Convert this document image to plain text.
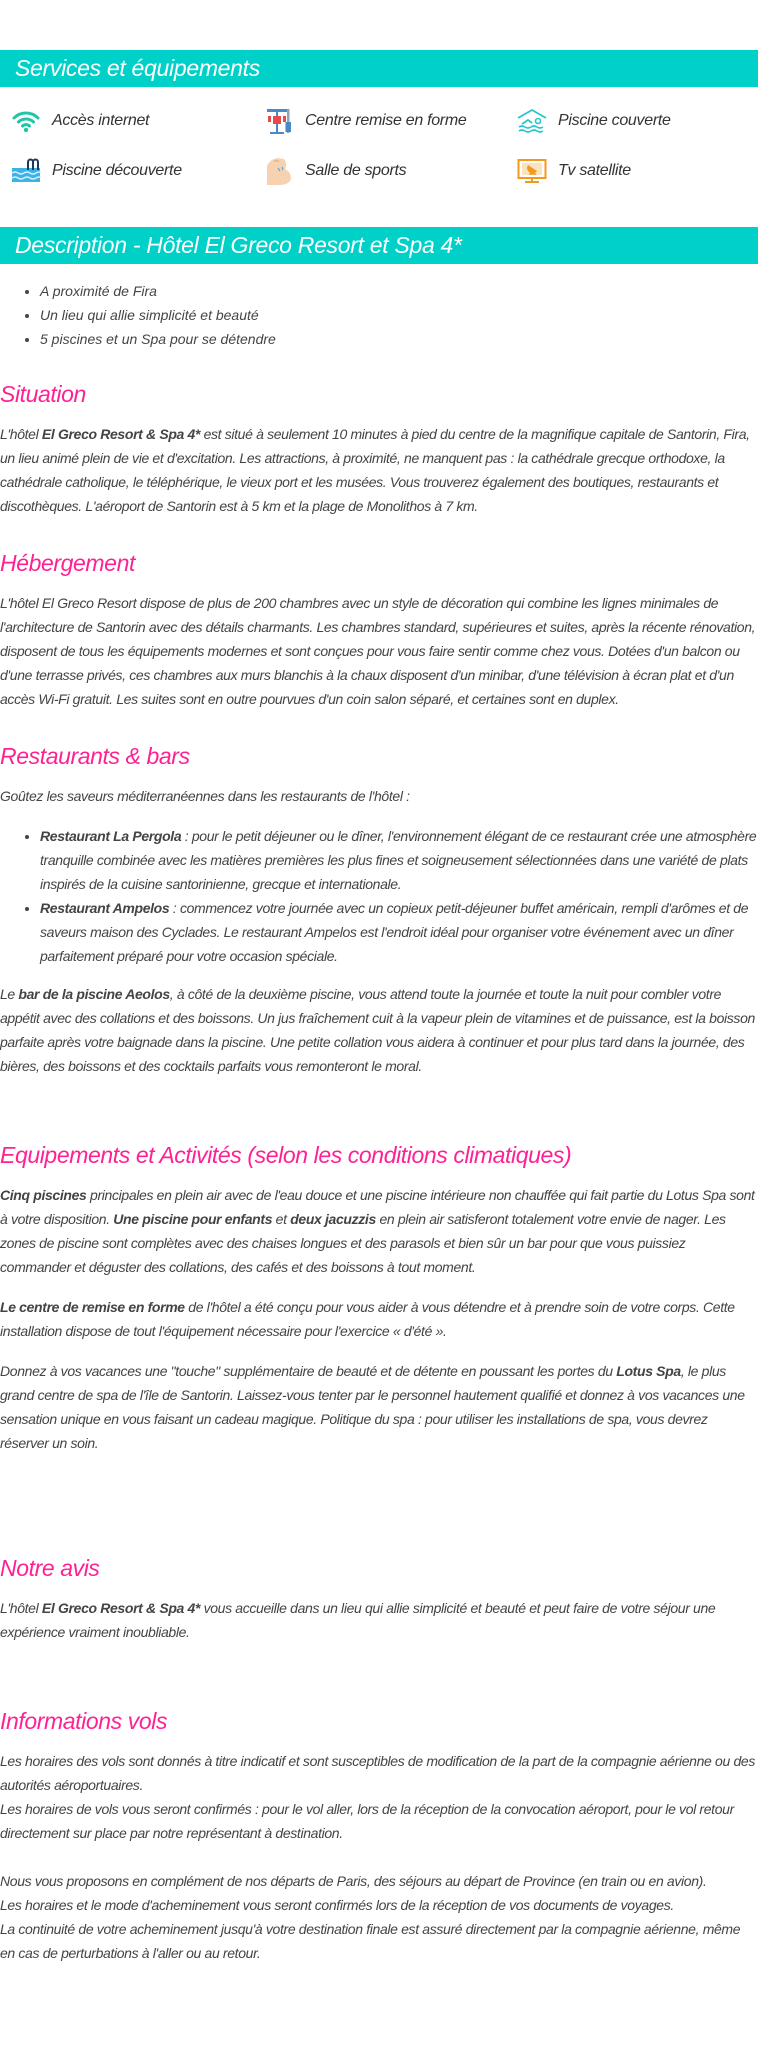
Services et équipements
Accès internet	Centre remise en forme	Piscine couverte
Piscine découverte	Salle de sports	Tv satellite
Description - Hôtel El Greco Resort et Spa 4*
• A proximité de Fira
• Un lieu qui allie simplicité et beauté
• 5 piscines et un Spa pour se détendre
Situation

L'hôtel El Greco Resort & Spa 4* est situé à seulement 10 minutes à pied du centre de la magnifique capitale de Santorin, Fira, un lieu animé plein de vie et d'excitation. Les attractions, à proximité, ne manquent pas : la cathédrale grecque orthodoxe, la cathédrale catholique, le téléphérique, le vieux port et les musées. Vous trouverez également des boutiques, restaurants et discothèques. L'aéroport de Santorin est à 5 km et la plage de Monolithos à 7 km.

Hébergement

L'hôtel El Greco Resort dispose de plus de 200 chambres avec un style de décoration qui combine les lignes minimales de l'architecture de Santorin avec des détails charmants. Les chambres standard, supérieures et suites, après la récente rénovation, disposent de tous les équipements modernes et sont conçues pour vous faire sentir comme chez vous. Dotées d'un balcon ou d'une terrasse privés, ces chambres aux murs blanchis à la chaux disposent d'un minibar, d'une télévision à écran plat et d'un accès Wi-Fi gratuit. Les suites sont en outre pourvues d'un coin salon séparé, et certaines sont en duplex.

Restaurants & bars

Goûtez les saveurs méditerranéennes dans les restaurants de l'hôtel :

• Restaurant La Pergola : pour le petit déjeuner ou le dîner, l'environnement élégant de ce restaurant crée une atmosphère tranquille combinée avec les matières premières les plus fines et soigneusement sélectionnées dans une variété de plats inspirés de la cuisine santorinienne, grecque et internationale.
• Restaurant Ampelos : commencez votre journée avec un copieux petit-déjeuner buffet américain, rempli d'arômes et de saveurs maison des Cyclades. Le restaurant Ampelos est l'endroit idéal pour organiser votre événement avec un dîner parfaitement préparé pour votre occasion spéciale.

Le bar de la piscine Aeolos, à côté de la deuxième piscine, vous attend toute la journée et toute la nuit pour combler votre appétit avec des collations et des boissons. Un jus fraîchement cuit à la vapeur plein de vitamines et de puissance, est la boisson parfaite après votre baignade dans la piscine. Une petite collation vous aidera à continuer et pour plus tard dans la journée, des bières, des boissons et des cocktails parfaits vous remonteront le moral.

Equipements et Activités (selon les conditions climatiques)

Cinq piscines principales en plein air avec de l'eau douce et une piscine intérieure non chauffée qui fait partie du Lotus Spa sont à votre disposition. Une piscine pour enfants et deux jacuzzis en plein air satisferont totalement votre envie de nager. Les zones de piscine sont complètes avec des chaises longues et des parasols et bien sûr un bar pour que vous puissiez commander et déguster des collations, des cafés et des boissons à tout moment.

Le centre de remise en forme de l'hôtel a été conçu pour vous aider à vous détendre et à prendre soin de votre corps. Cette installation dispose de tout l'équipement nécessaire pour l'exercice « d'été ».

Donnez à vos vacances une "touche" supplémentaire de beauté et de détente en poussant les portes du Lotus Spa, le plus grand centre de spa de l'île de Santorin. Laissez-vous tenter par le personnel hautement qualifié et donnez à vos vacances une sensation unique en vous faisant un cadeau magique. Politique du spa : pour utiliser les installations de spa, vous devrez réserver un soin.

Notre avis

L'hôtel El Greco Resort & Spa 4* vous accueille dans un lieu qui allie simplicité et beauté et peut faire de votre séjour une expérience vraiment inoubliable.

Informations vols

Les horaires des vols sont donnés à titre indicatif et sont susceptibles de modification de la part de la compagnie aérienne ou des autorités aéroportuaires.
Les horaires de vols vous seront confirmés : pour le vol aller, lors de la réception de la convocation aéroport, pour le vol retour directement sur place par notre représentant à destination.

Nous vous proposons en complément de nos départs de Paris, des séjours au départ de Province (en train ou en avion).
Les horaires et le mode d'acheminement vous seront confirmés lors de la réception de vos documents de voyages.
La continuité de votre acheminement jusqu'à votre destination finale est assuré directement par la compagnie aérienne, même en cas de perturbations à l'aller ou au retour.
